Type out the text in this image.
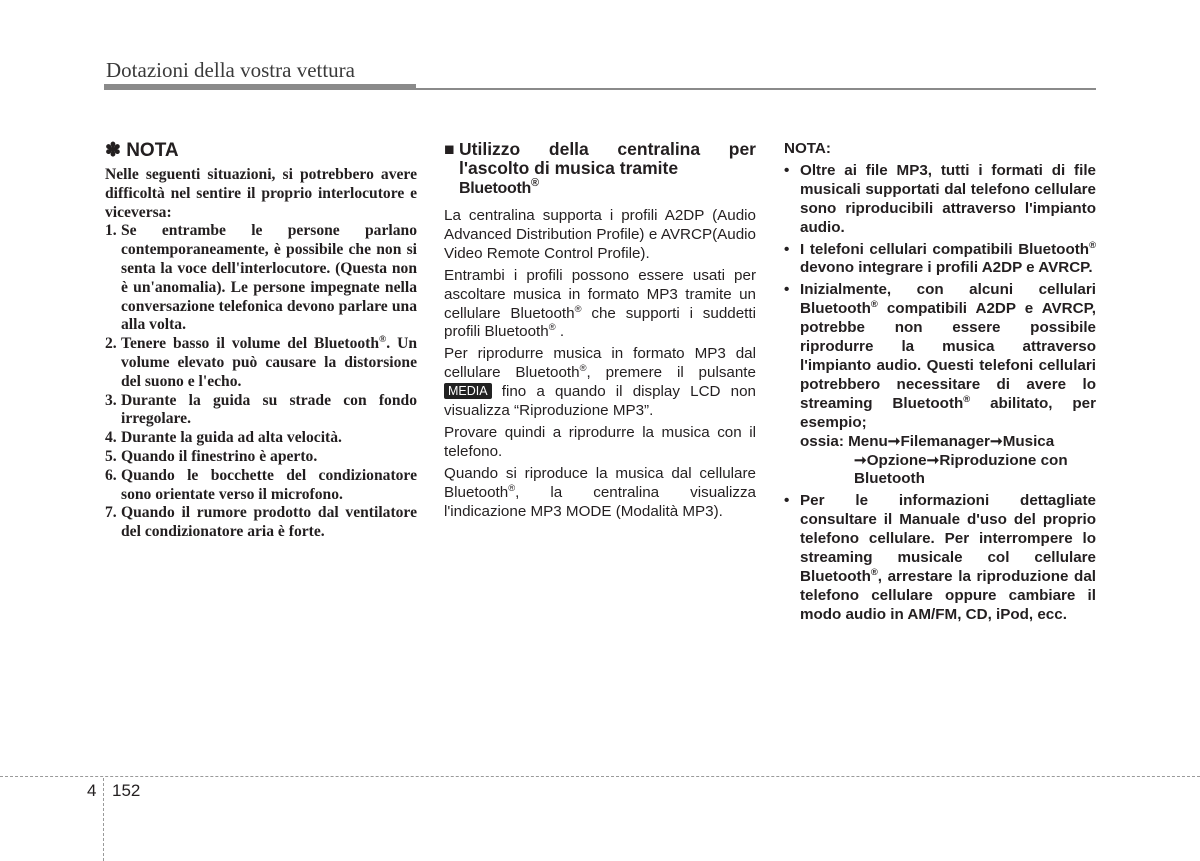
Dotazioni della vostra vettura
✽ NOTA
Nelle seguenti situazioni, si potrebbero avere difficoltà nel sentire il proprio interlocutore e viceversa:
1. Se entrambe le persone parlano contemporaneamente, è possibile che non si senta la voce dell'interlocutore. (Questa non è un'anomalia). Le persone impegnate nella conversazione telefonica devono parlare una alla volta.
2. Tenere basso il volume del Bluetooth®. Un volume elevato può causare la distorsione del suono e l'echo.
3. Durante la guida su strade con fondo irregolare.
4. Durante la guida ad alta velocità.
5. Quando il finestrino è aperto.
6. Quando le bocchette del condizionatore sono orientate verso il microfono.
7. Quando il rumore prodotto dal ventilatore del condizionatore aria è forte.
■ Utilizzo della centralina per l'ascolto di musica tramite
Bluetooth®

La centralina supporta i profili A2DP (Audio Advanced Distribution Profile) e AVRCP(Audio Video Remote Control Profile).

Entrambi i profili possono essere usati per ascoltare musica in formato MP3 tramite un cellulare Bluetooth® che supporti i suddetti profili Bluetooth® .

Per riprodurre musica in formato MP3 dal cellulare Bluetooth®, premere il pulsante MEDIA fino a quando il display LCD non visualizza “Riproduzione MP3”.

Provare quindi a riprodurre la musica con il telefono.

Quando si riproduce la musica dal cellulare Bluetooth®, la centralina visualizza l'indicazione MP3 MODE (Modalità MP3).

NOTA:
• Oltre ai file MP3, tutti i formati di file musicali supportati dal telefono cellulare sono riproducibili attraverso l'impianto audio.
• I telefoni cellulari compatibili Bluetooth® devono integrare i profili A2DP e AVRCP.
• Inizialmente, con alcuni cellulari Bluetooth® compatibili A2DP e AVRCP, potrebbe non essere possibile riprodurre la musica attraverso l'impianto audio. Questi telefoni cellulari potrebbero necessitare di avere lo streaming Bluetooth® abilitato, per esempio;
ossia: Menu➞Filemanager➞Musica
➞Opzione➞Riproduzione con Bluetooth
• Per le informazioni dettagliate consultare il Manuale d'uso del proprio telefono cellulare. Per interrompere lo streaming musicale col cellulare Bluetooth®, arrestare la riproduzione dal telefono cellulare oppure cambiare il modo audio in AM/FM, CD, iPod, ecc.
4 152
